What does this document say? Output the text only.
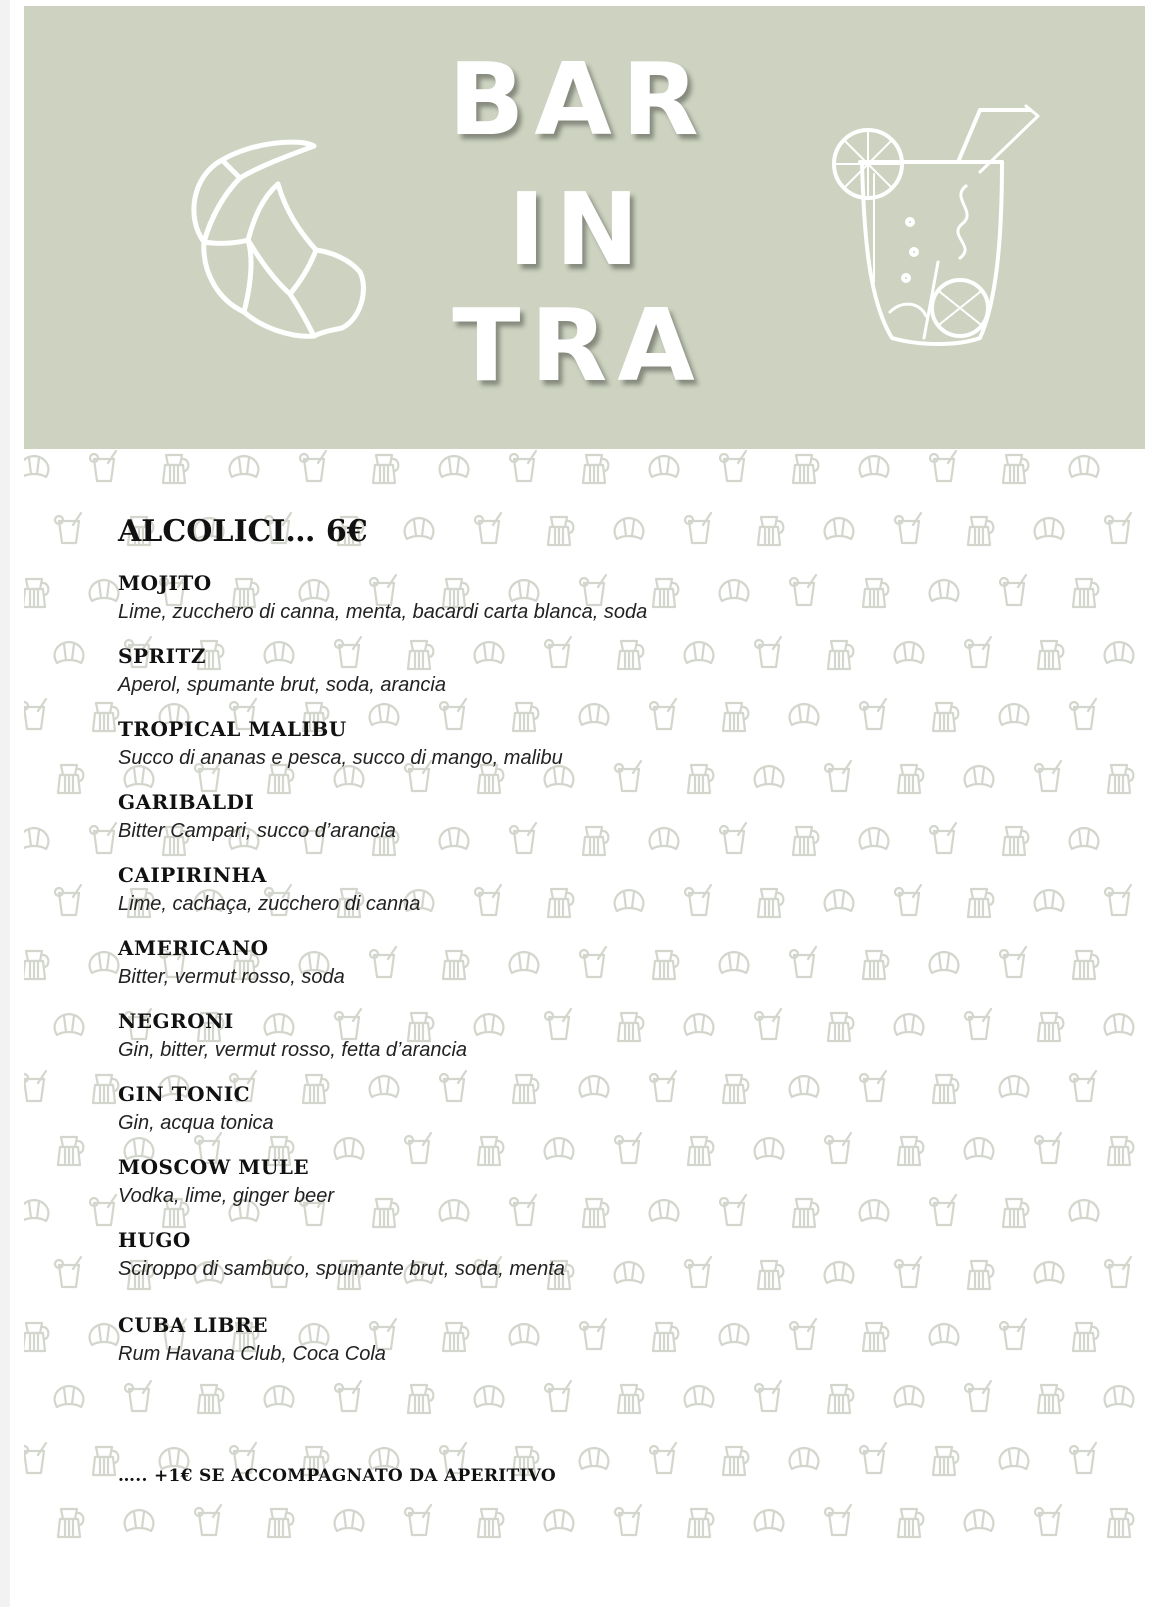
BAR
IN
TRA
ALCOLICI… 6€
MOJITO
Lime, zucchero di canna, menta, bacardi carta blanca, soda
SPRITZ
Aperol, spumante brut, soda, arancia
TROPICAL MALIBU
Succo di ananas e pesca, succo di mango, malibu
GARIBALDI
Bitter Campari, succo d’arancia
CAIPIRINHA
Lime, cachaça, zucchero di canna
AMERICANO
Bitter, vermut rosso, soda
NEGRONI
Gin, bitter, vermut rosso, fetta d’arancia
GIN TONIC
Gin, acqua tonica
MOSCOW MULE
Vodka, lime, ginger beer
HUGO
Sciroppo di sambuco, spumante brut, soda, menta
CUBA LIBRE
Rum Havana Club, Coca Cola
….. +1€ SE ACCOMPAGNATO DA APERITIVO
